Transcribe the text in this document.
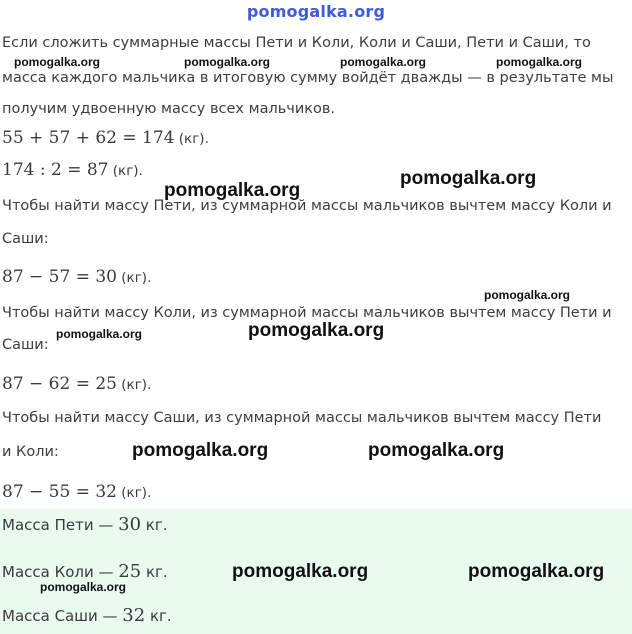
pomogalka.org
Если сложить суммарные массы Пети и Коли, Коли и Саши, Пети и Саши, то
масса каждого мальчика в итоговую сумму войдёт дважды — в результате мы
получим удвоенную массу всех мальчиков.
55 + 57 + 62 = 174 (кг).
174 : 2 = 87 (кг).
Чтобы найти массу Пети, из суммарной массы мальчиков вычтем массу Коли и
Саши:
87 − 57 = 30 (кг).
Чтобы найти массу Коли, из суммарной массы мальчиков вычтем массу Пети и
Саши:
87 − 62 = 25 (кг).
Чтобы найти массу Саши, из суммарной массы мальчиков вычтем массу Пети
и Коли:
87 − 55 = 32 (кг).
Масса Пети — 30 кг.
Масса Коли — 25 кг.
Масса Саши — 32 кг.
pomogalka.org	pomogalka.org	pomogalka.org	pomogalka.org
pomogalka.org
pomogalka.org
pomogalka.org
pomogalka.org	pomogalka.org
pomogalka.org	pomogalka.org
pomogalka.org	pomogalka.org
pomogalka.org
